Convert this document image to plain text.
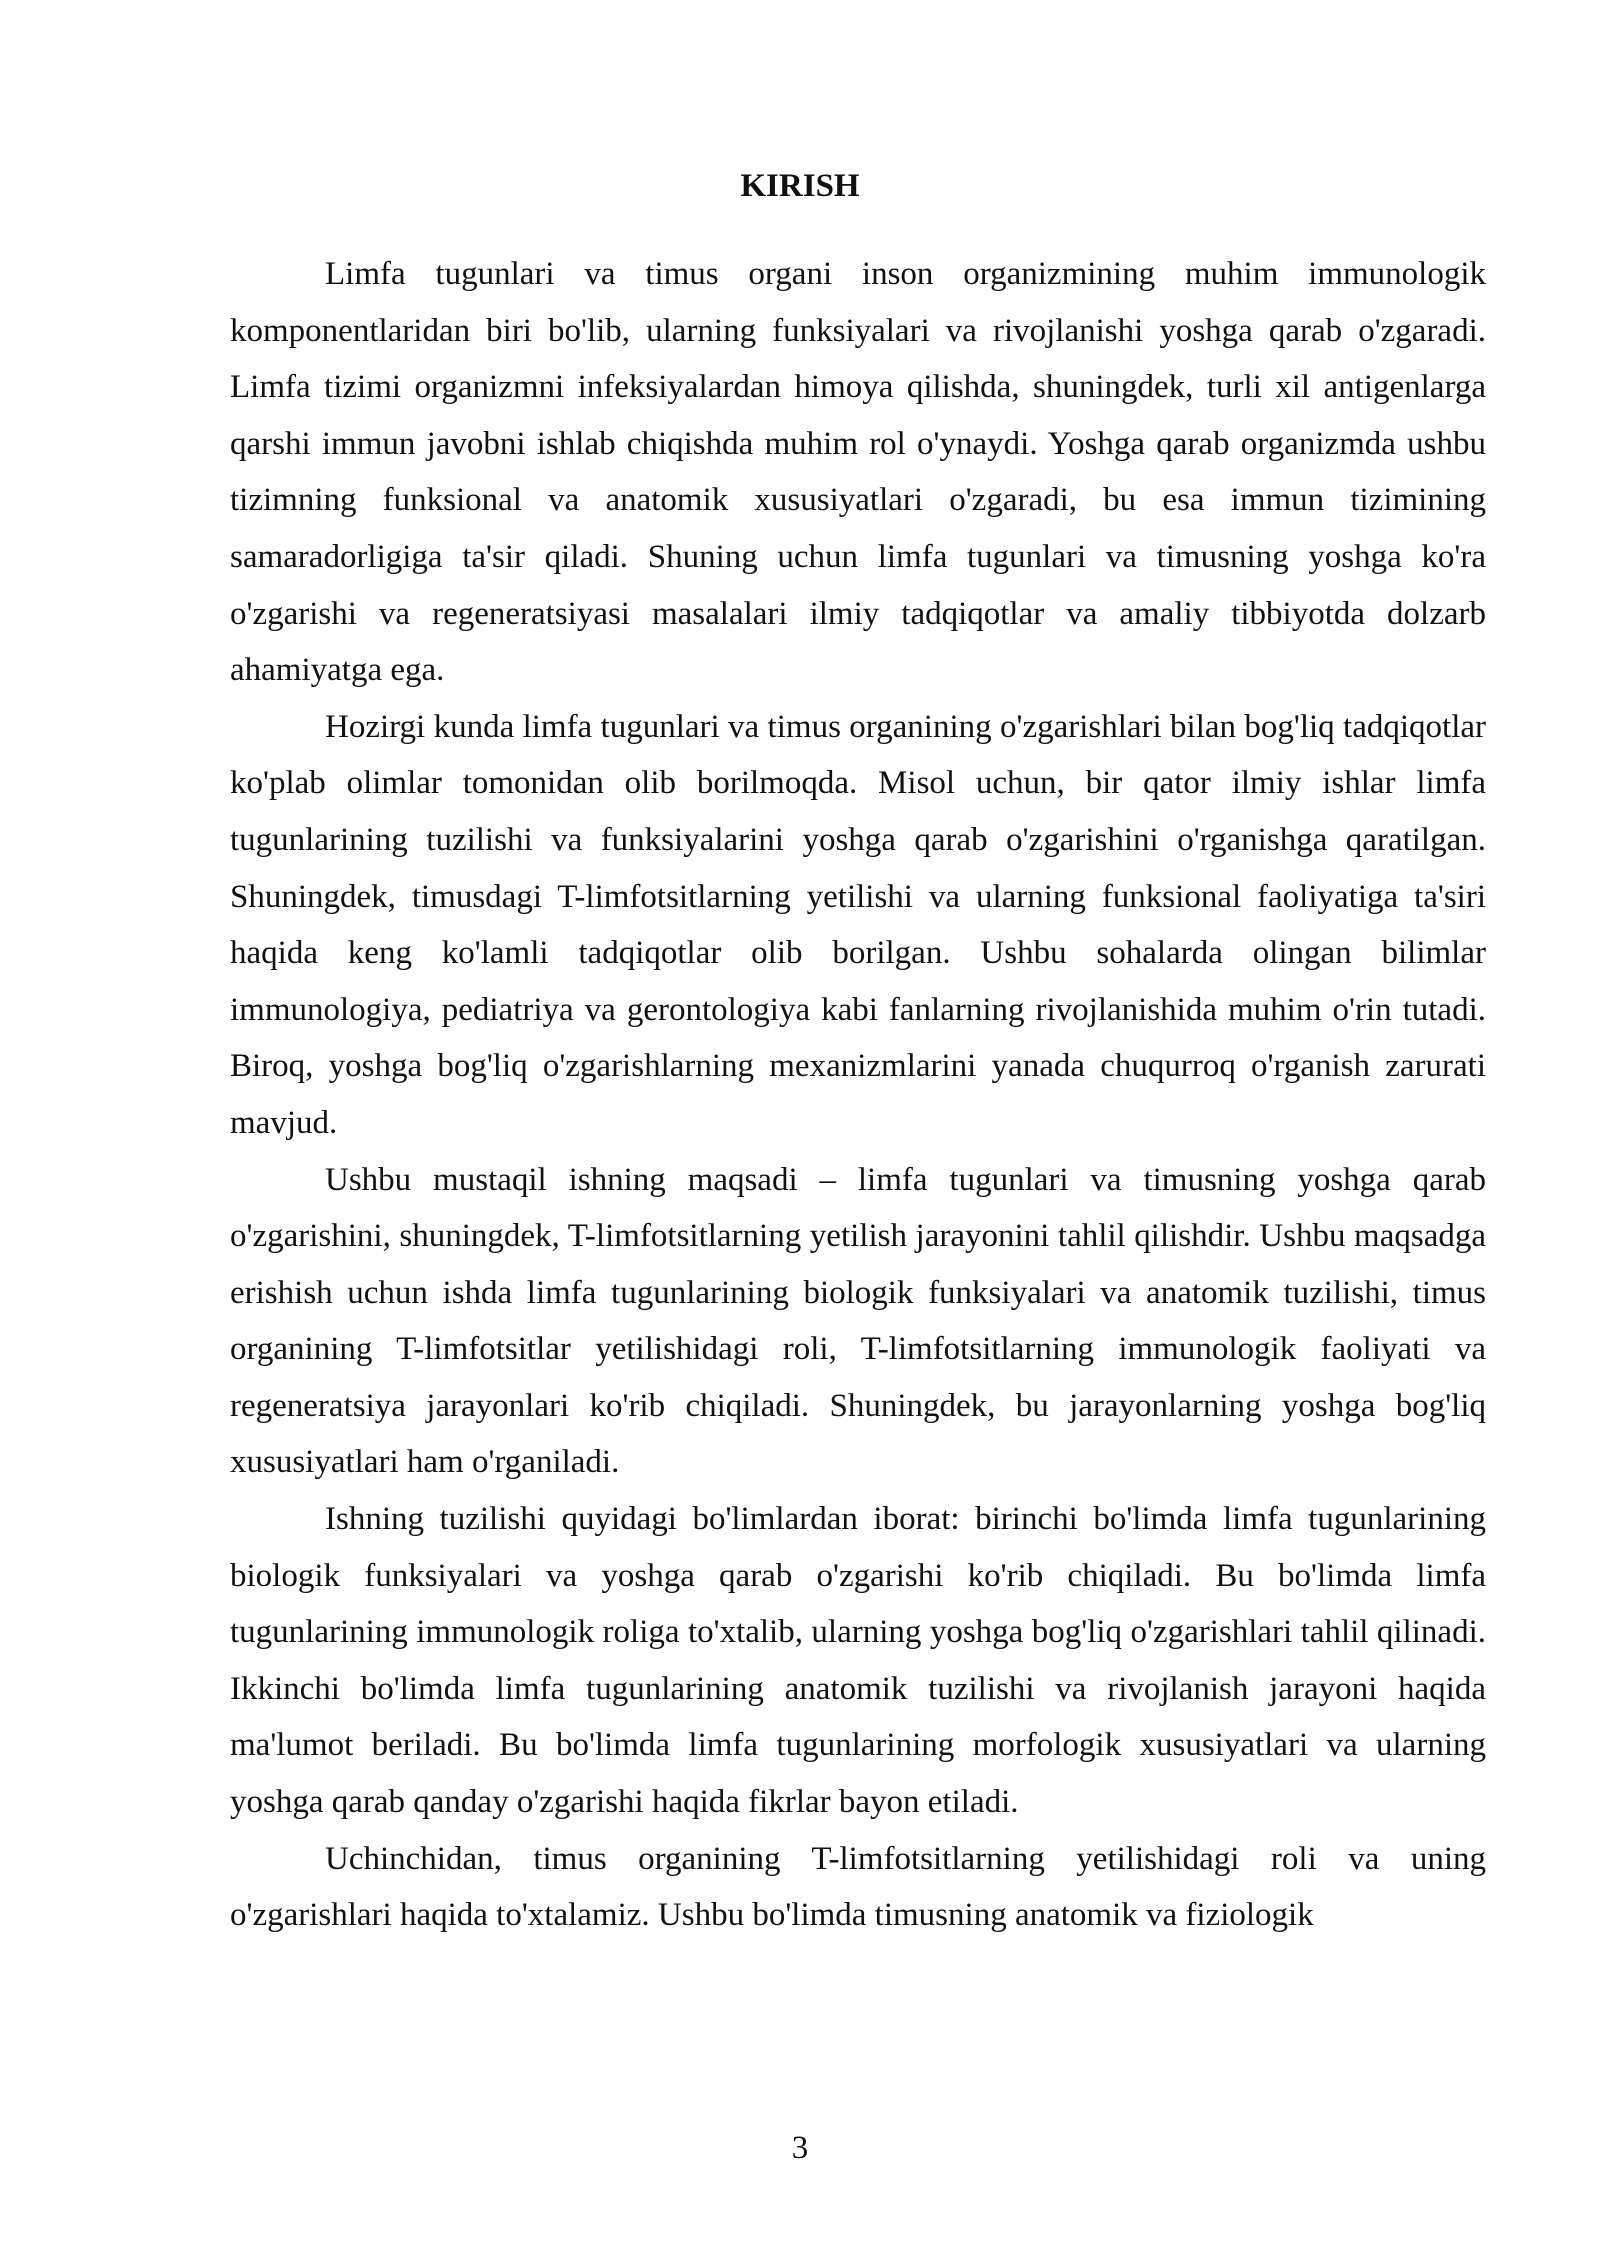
KIRISH

Limfa tugunlari va timus organi inson organizmining muhim immunologik komponentlaridan biri bo'lib, ularning funksiyalari va rivojlanishi yoshga qarab o'zgaradi. Limfa tizimi organizmni infeksiyalardan himoya qilishda, shuningdek, turli xil antigenlarga qarshi immun javobni ishlab chiqishda muhim rol o'ynaydi. Yoshga qarab organizmda ushbu tizimning funksional va anatomik xususiyatlari o'zgaradi, bu esa immun tizimining samaradorligiga ta'sir qiladi. Shuning uchun limfa tugunlari va timusning yoshga ko'ra o'zgarishi va regeneratsiyasi masalalari ilmiy tadqiqotlar va amaliy tibbiyotda dolzarb ahamiyatga ega.

Hozirgi kunda limfa tugunlari va timus organining o'zgarishlari bilan bog'liq tadqiqotlar ko'plab olimlar tomonidan olib borilmoqda. Misol uchun, bir qator ilmiy ishlar limfa tugunlarining tuzilishi va funksiyalarini yoshga qarab o'zgarishini o'rganishga qaratilgan. Shuningdek, timusdagi T-limfotsitlarning yetilishi va ularning funksional faoliyatiga ta'siri haqida keng ko'lamli tadqiqotlar olib borilgan. Ushbu sohalarda olingan bilimlar immunologiya, pediatriya va gerontologiya kabi fanlarning rivojlanishida muhim o'rin tutadi. Biroq, yoshga bog'liq o'zgarishlarning mexanizmlarini yanada chuqurroq o'rganish zarurati mavjud.

Ushbu mustaqil ishning maqsadi – limfa tugunlari va timusning yoshga qarab o'zgarishini, shuningdek, T-limfotsitlarning yetilish jarayonini tahlil qilishdir. Ushbu maqsadga erishish uchun ishda limfa tugunlarining biologik funksiyalari va anatomik tuzilishi, timus organining T-limfotsitlar yetilishidagi roli, T-limfotsitlarning immunologik faoliyati va regeneratsiya jarayonlari ko'rib chiqiladi. Shuningdek, bu jarayonlarning yoshga bog'liq xususiyatlari ham o'rganiladi.

Ishning tuzilishi quyidagi bo'limlardan iborat: birinchi bo'limda limfa tugunlarining biologik funksiyalari va yoshga qarab o'zgarishi ko'rib chiqiladi. Bu bo'limda limfa tugunlarining immunologik roliga to'xtalib, ularning yoshga bog'liq o'zgarishlari tahlil qilinadi. Ikkinchi bo'limda limfa tugunlarining anatomik tuzilishi va rivojlanish jarayoni haqida ma'lumot beriladi. Bu bo'limda limfa tugunlarining morfologik xususiyatlari va ularning yoshga qarab qanday o'zgarishi haqida fikrlar bayon etiladi.

Uchinchidan, timus organining T-limfotsitlarning yetilishidagi roli va uning o'zgarishlari haqida to'xtalamiz. Ushbu bo'limda timusning anatomik va fiziologik

3
